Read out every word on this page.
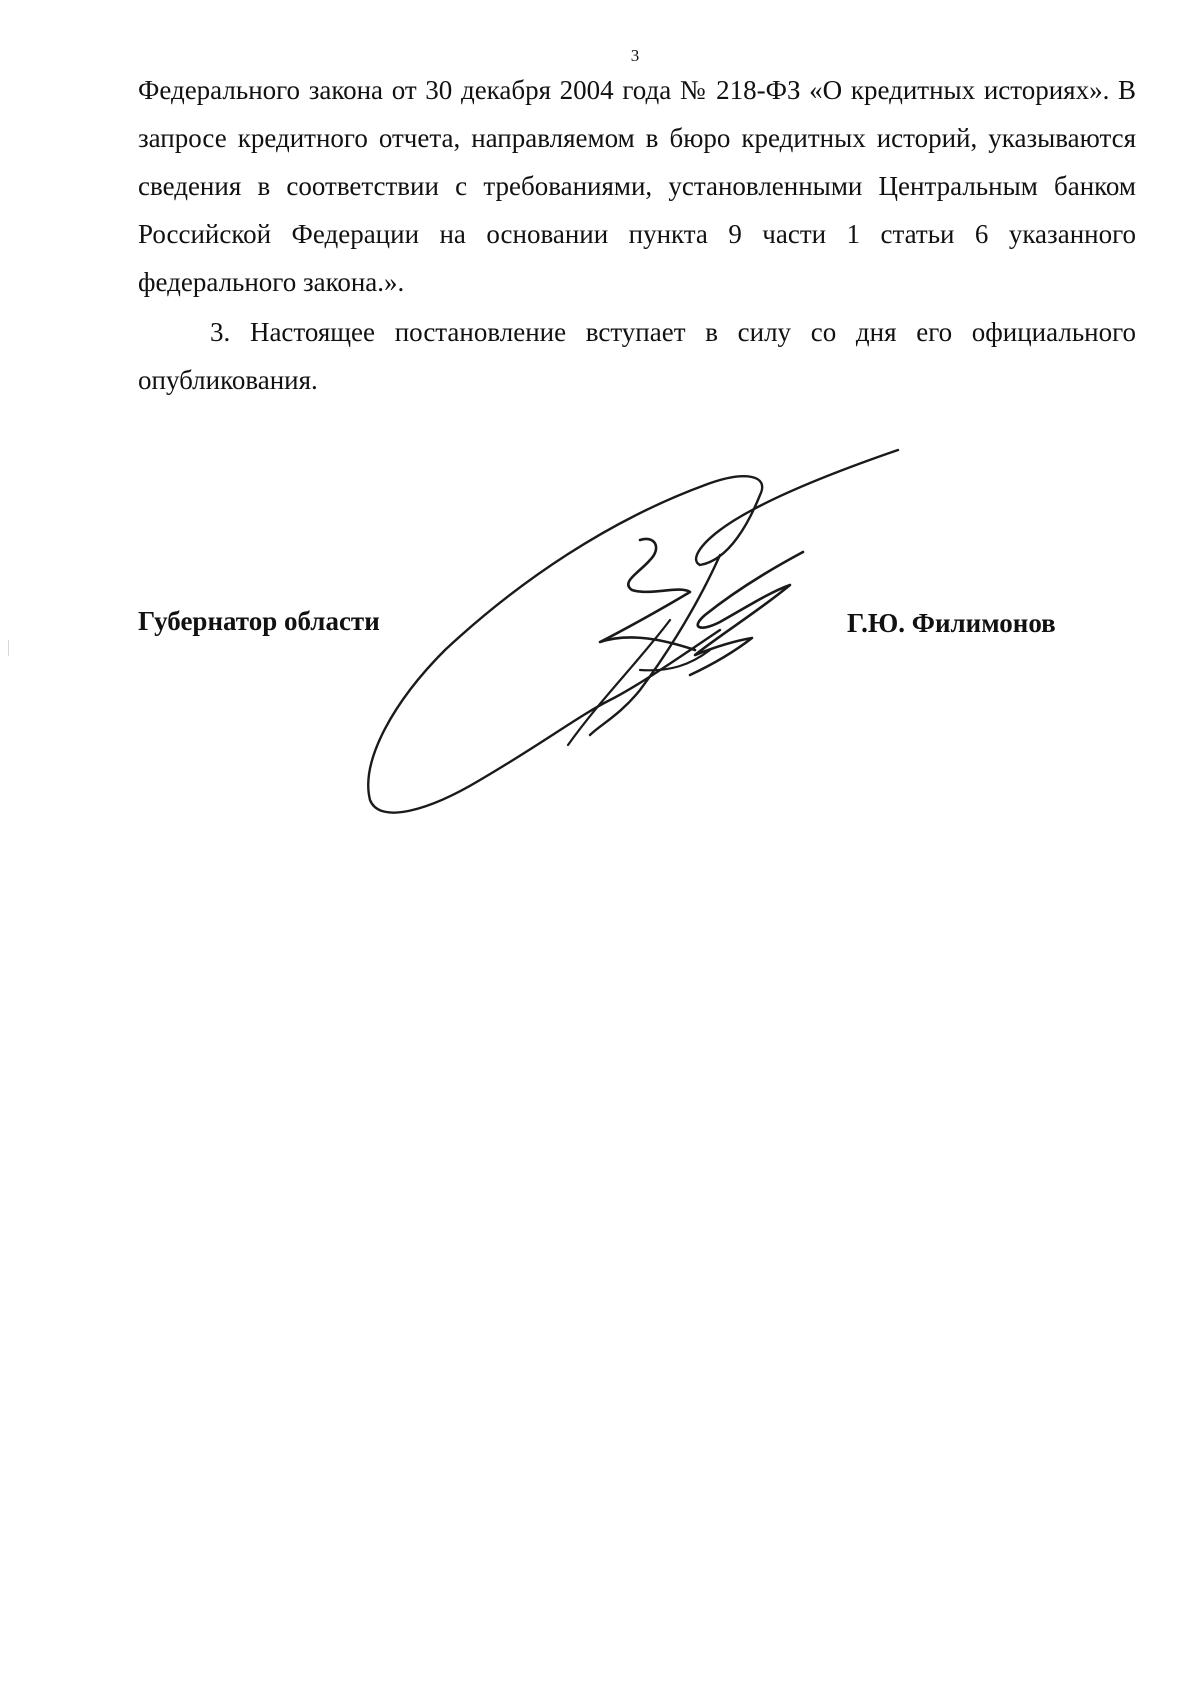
3

Федерального закона от 30 декабря 2004 года № 218-ФЗ «О кредитных историях». В запросе кредитного отчета, направляемом в бюро кредитных историй, указываются сведения в соответствии с требованиями, установленными Центральным банком Российской Федерации на основании пункта 9 части 1 статьи 6 указанного федерального закона.».

3. Настоящее постановление вступает в силу со дня его официального опубликования.

Губернатор области	Г.Ю. Филимонов
